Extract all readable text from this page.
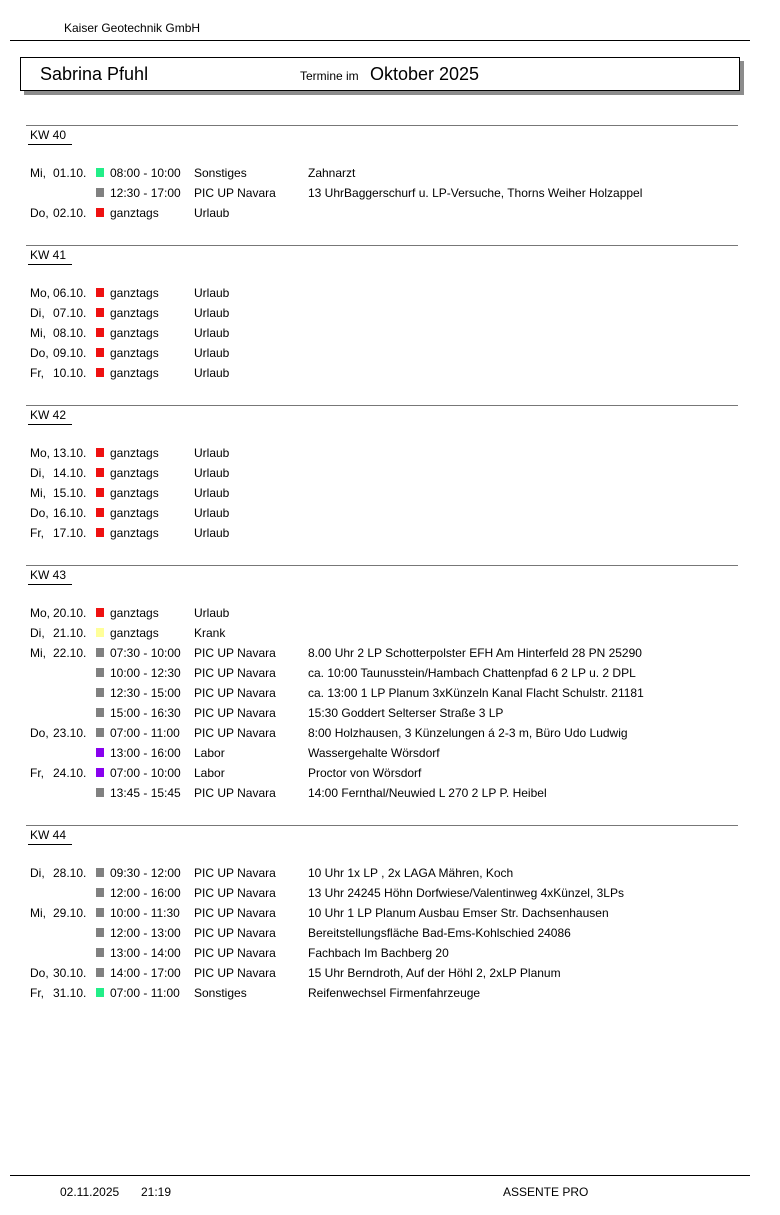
Kaiser Geotechnik GmbH
Sabrina Pfuhl	Termine im Oktober 2025
KW 40
Mi, 01.10. 08:00 - 10:00 Sonstiges	Zahnarzt
12:30 - 17:00 PIC UP Navara	13 UhrBaggerschurf u. LP-Versuche, Thorns Weiher Holzappel
Do, 02.10. ganztags	Urlaub
KW 41
Mo, 06.10. ganztags	Urlaub
Di, 07.10. ganztags	Urlaub
Mi, 08.10. ganztags	Urlaub
Do, 09.10. ganztags	Urlaub
Fr, 10.10. ganztags	Urlaub
KW 42
Mo, 13.10. ganztags	Urlaub
Di, 14.10. ganztags	Urlaub
Mi, 15.10. ganztags	Urlaub
Do, 16.10. ganztags	Urlaub
Fr, 17.10. ganztags	Urlaub
KW 43
Mo, 20.10. ganztags	Urlaub
Di, 21.10. ganztags	Krank
Mi, 22.10. 07:30 - 10:00 PIC UP Navara	8.00 Uhr 2 LP Schotterpolster EFH Am Hinterfeld 28 PN 25290
10:00 - 12:30 PIC UP Navara	ca. 10:00 Taunusstein/Hambach Chattenpfad 6 2 LP u. 2 DPL
12:30 - 15:00 PIC UP Navara	ca. 13:00 1 LP Planum 3xKünzeln Kanal Flacht Schulstr. 21181
15:00 - 16:30 PIC UP Navara	15:30 Goddert Selterser Straße 3 LP
Do, 23.10. 07:00 - 11:00 PIC UP Navara	8:00 Holzhausen, 3 Künzelungen á 2-3 m, Büro Udo Ludwig
13:00 - 16:00 Labor	Wassergehalte Wörsdorf
Fr, 24.10. 07:00 - 10:00 Labor	Proctor von Wörsdorf
13:45 - 15:45 PIC UP Navara	14:00 Fernthal/Neuwied L 270 2 LP P. Heibel
KW 44
Di, 28.10. 09:30 - 12:00 PIC UP Navara	10 Uhr 1x LP , 2x LAGA Mähren, Koch
12:00 - 16:00 PIC UP Navara	13 Uhr 24245 Höhn Dorfwiese/Valentinweg 4xKünzel, 3LPs
Mi, 29.10. 10:00 - 11:30 PIC UP Navara	10 Uhr 1 LP Planum Ausbau Emser Str. Dachsenhausen
12:00 - 13:00 PIC UP Navara	Bereitstellungsfläche Bad-Ems-Kohlschied 24086
13:00 - 14:00 PIC UP Navara	Fachbach Im Bachberg 20
Do, 30.10. 14:00 - 17:00 PIC UP Navara	15 Uhr Berndroth, Auf der Höhl 2, 2xLP Planum
Fr, 31.10. 07:00 - 11:00 Sonstiges	Reifenwechsel Firmenfahrzeuge
02.11.2025 21:19	ASSENTE PRO
